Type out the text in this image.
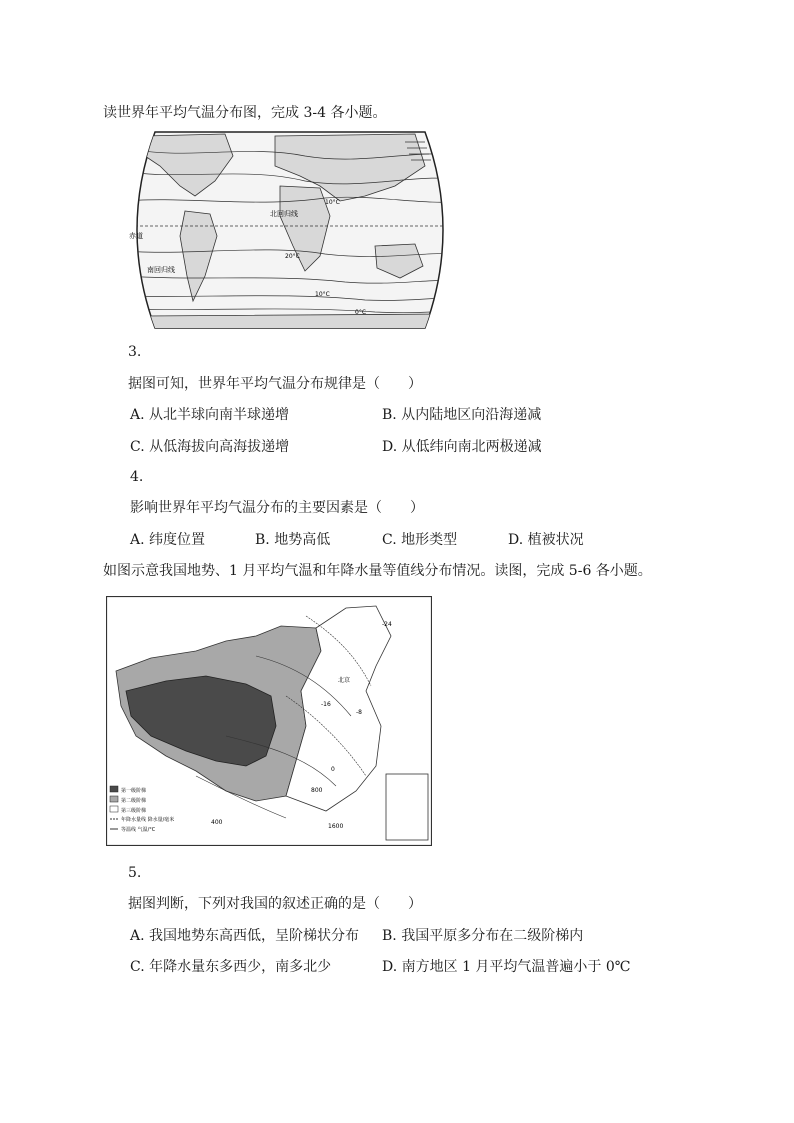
读世界年平均气温分布图，完成 3-4 各小题。
北回归线
赤道
南回归线
10°C
20°C
10°C
0°C
3.
据图可知，世界年平均气温分布规律是（　　）
A. 从北半球向南半球递增	B. 从内陆地区向沿海递减
C. 从低海拔向高海拔递增	D. 从低纬向南北两极递减
4.
影响世界年平均气温分布的主要因素是（　　）
A. 纬度位置	B. 地势高低	C. 地形类型	D. 植被状况
如图示意我国地势、1 月平均气温和年降水量等值线分布情况。读图，完成 5-6 各小题。
第一级阶梯
第二级阶梯
第三级阶梯
年降水量线 降水量/毫米
等温线 气温/°C
北京
-24
-8
0
800
1600
400
-16
5.
据图判断，下列对我国的叙述正确的是（　　）
A. 我国地势东高西低，呈阶梯状分布 B. 我国平原多分布在二级阶梯内
C. 年降水量东多西少，南多北少	D. 南方地区 1 月平均气温普遍小于 0℃
